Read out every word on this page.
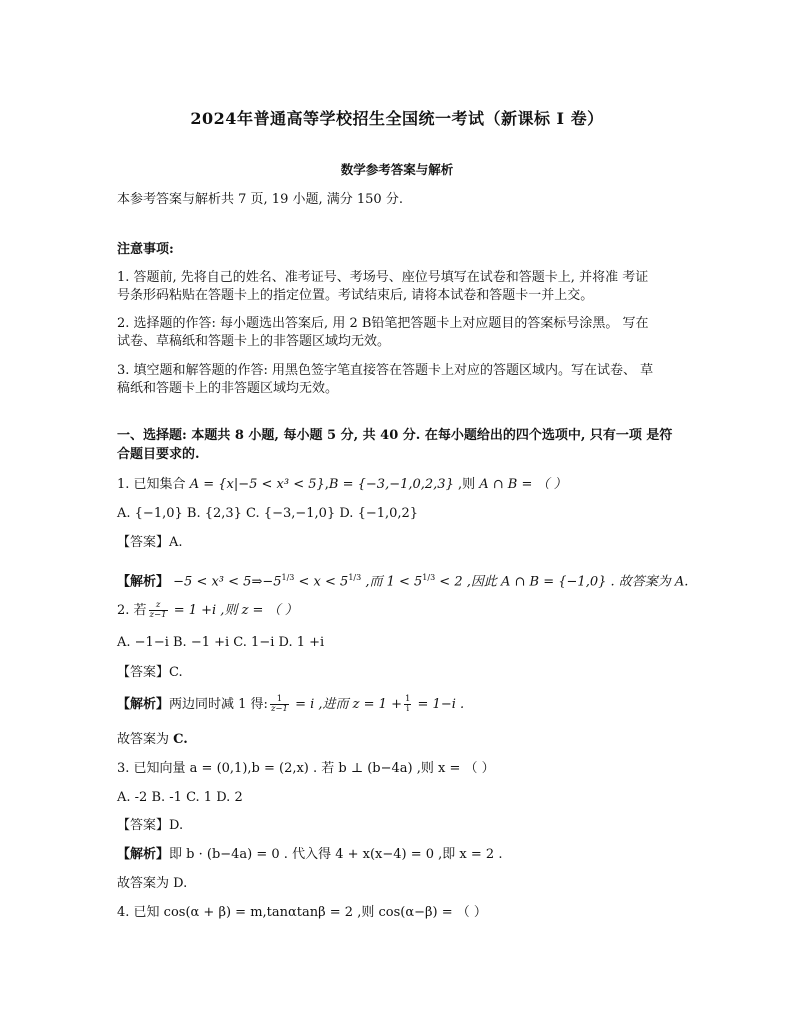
2024年普通高等学校招生全国统一考试（新课标 I 卷）
数学参考答案与解析
本参考答案与解析共 7 页, 19 小题, 满分 150 分.
注意事项:
1. 答题前, 先将自己的姓名、准考证号、考场号、座位号填写在试卷和答题卡上, 并将准 考证
号条形码粘贴在答题卡上的指定位置。考试结束后, 请将本试卷和答题卡一并上交。
2. 选择题的作答: 每小题选出答案后, 用 2 B铅笔把答题卡上对应题目的答案标号涂黑。 写在
试卷、草稿纸和答题卡上的非答题区域均无效。
3. 填空题和解答题的作答: 用黑色签字笔直接答在答题卡上对应的答题区域内。写在试卷、 草
稿纸和答题卡上的非答题区域均无效。
一、选择题: 本题共 8 小题, 每小题 5 分, 共 40 分. 在每小题给出的四个选项中, 只有一项 是符
合题目要求的.
1. 已知集合 A = {x|−5 < x³ < 5},B = {−3,−1,0,2,3} ,则 A ∩ B = （ ）
A. {−1,0} B. {2,3} C. {−3,−1,0} D. {−1,0,2}
【答案】A.
【解析】 $-5 < x^3 < 5\Rightarrow-5^{1/3} < x < 5^{1/3}$ ,而 $1 < 5^{1/3} < 2$ ,因此 A ∩ B = {−1,0} . 故答案为 A.
2. 若 $\frac{z}{z-1} = 1 +i$ ,则 z = （ ）
A. −1−i B. −1 +i C. 1−i D. 1 +i
【答案】C.
【解析】两边同时减 1 得: $\frac{1}{z-1} = i$ ,进而 $z = 1 + \frac{1}{i} = 1-i$ .
故答案为 C.
3. 已知向量 a = (0,1),b = (2,x) . 若 b ⊥ (b−4a) ,则 x = （ ）
A. -2 B. -1 C. 1 D. 2
【答案】D.
【解析】即 b · (b−4a) = 0 . 代入得 4 + x(x−4) = 0 ,即 x = 2 .
故答案为 D.
4. 已知 cos(α + β) = m,tanαtanβ = 2 ,则 cos(α−β) = （ ）
